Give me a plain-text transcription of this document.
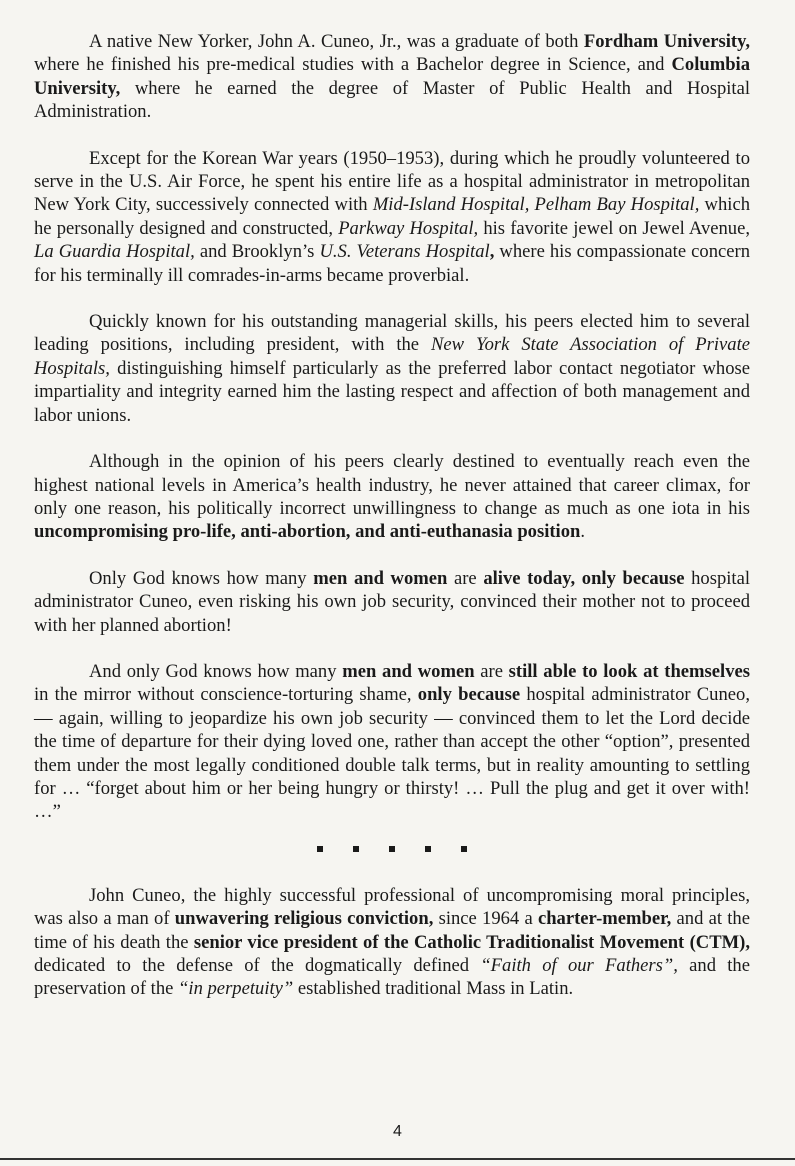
A native New Yorker, John A. Cuneo, Jr., was a graduate of both Fordham University, where he finished his pre-medical studies with a Bachelor degree in Science, and Columbia University, where he earned the degree of Master of Public Health and Hospital Administration.

Except for the Korean War years (1950–1953), during which he proudly volunteered to serve in the U.S. Air Force, he spent his entire life as a hospital administrator in metropolitan New York City, successively connected with Mid-Island Hospital, Pelham Bay Hospital, which he personally designed and constructed, Parkway Hospital, his favorite jewel on Jewel Avenue, La Guardia Hospital, and Brooklyn’s U.S. Veterans Hospital, where his compassionate concern for his terminally ill comrades-in-arms became proverbial.

Quickly known for his outstanding managerial skills, his peers elected him to several leading positions, including president, with the New York State Association of Private Hospitals, distinguishing himself particularly as the preferred labor contact negotiator whose impartiality and integrity earned him the lasting respect and affection of both management and labor unions.

Although in the opinion of his peers clearly destined to eventually reach even the highest national levels in America’s health industry, he never attained that career climax, for only one reason, his politically incorrect unwillingness to change as much as one iota in his uncompromising pro-life, anti-abortion, and anti-euthanasia position.

Only God knows how many men and women are alive today, only because hospital administrator Cuneo, even risking his own job security, convinced their mother not to proceed with her planned abortion!

And only God knows how many men and women are still able to look at themselves in the mirror without conscience-torturing shame, only because hospital administrator Cuneo, — again, willing to jeopardize his own job security — convinced them to let the Lord decide the time of departure for their dying loved one, rather than accept the other “option”, presented them under the most legally conditioned double talk terms, but in reality amounting to settling for … “forget about him or her being hungry or thirsty! … Pull the plug and get it over with! …”

John Cuneo, the highly successful professional of uncompromising moral principles, was also a man of unwavering religious conviction, since 1964 a charter-member, and at the time of his death the senior vice president of the Catholic Traditionalist Movement (CTM), dedicated to the defense of the dogmatically defined “Faith of our Fathers”, and the preservation of the “in perpetuity” established traditional Mass in Latin.

4
